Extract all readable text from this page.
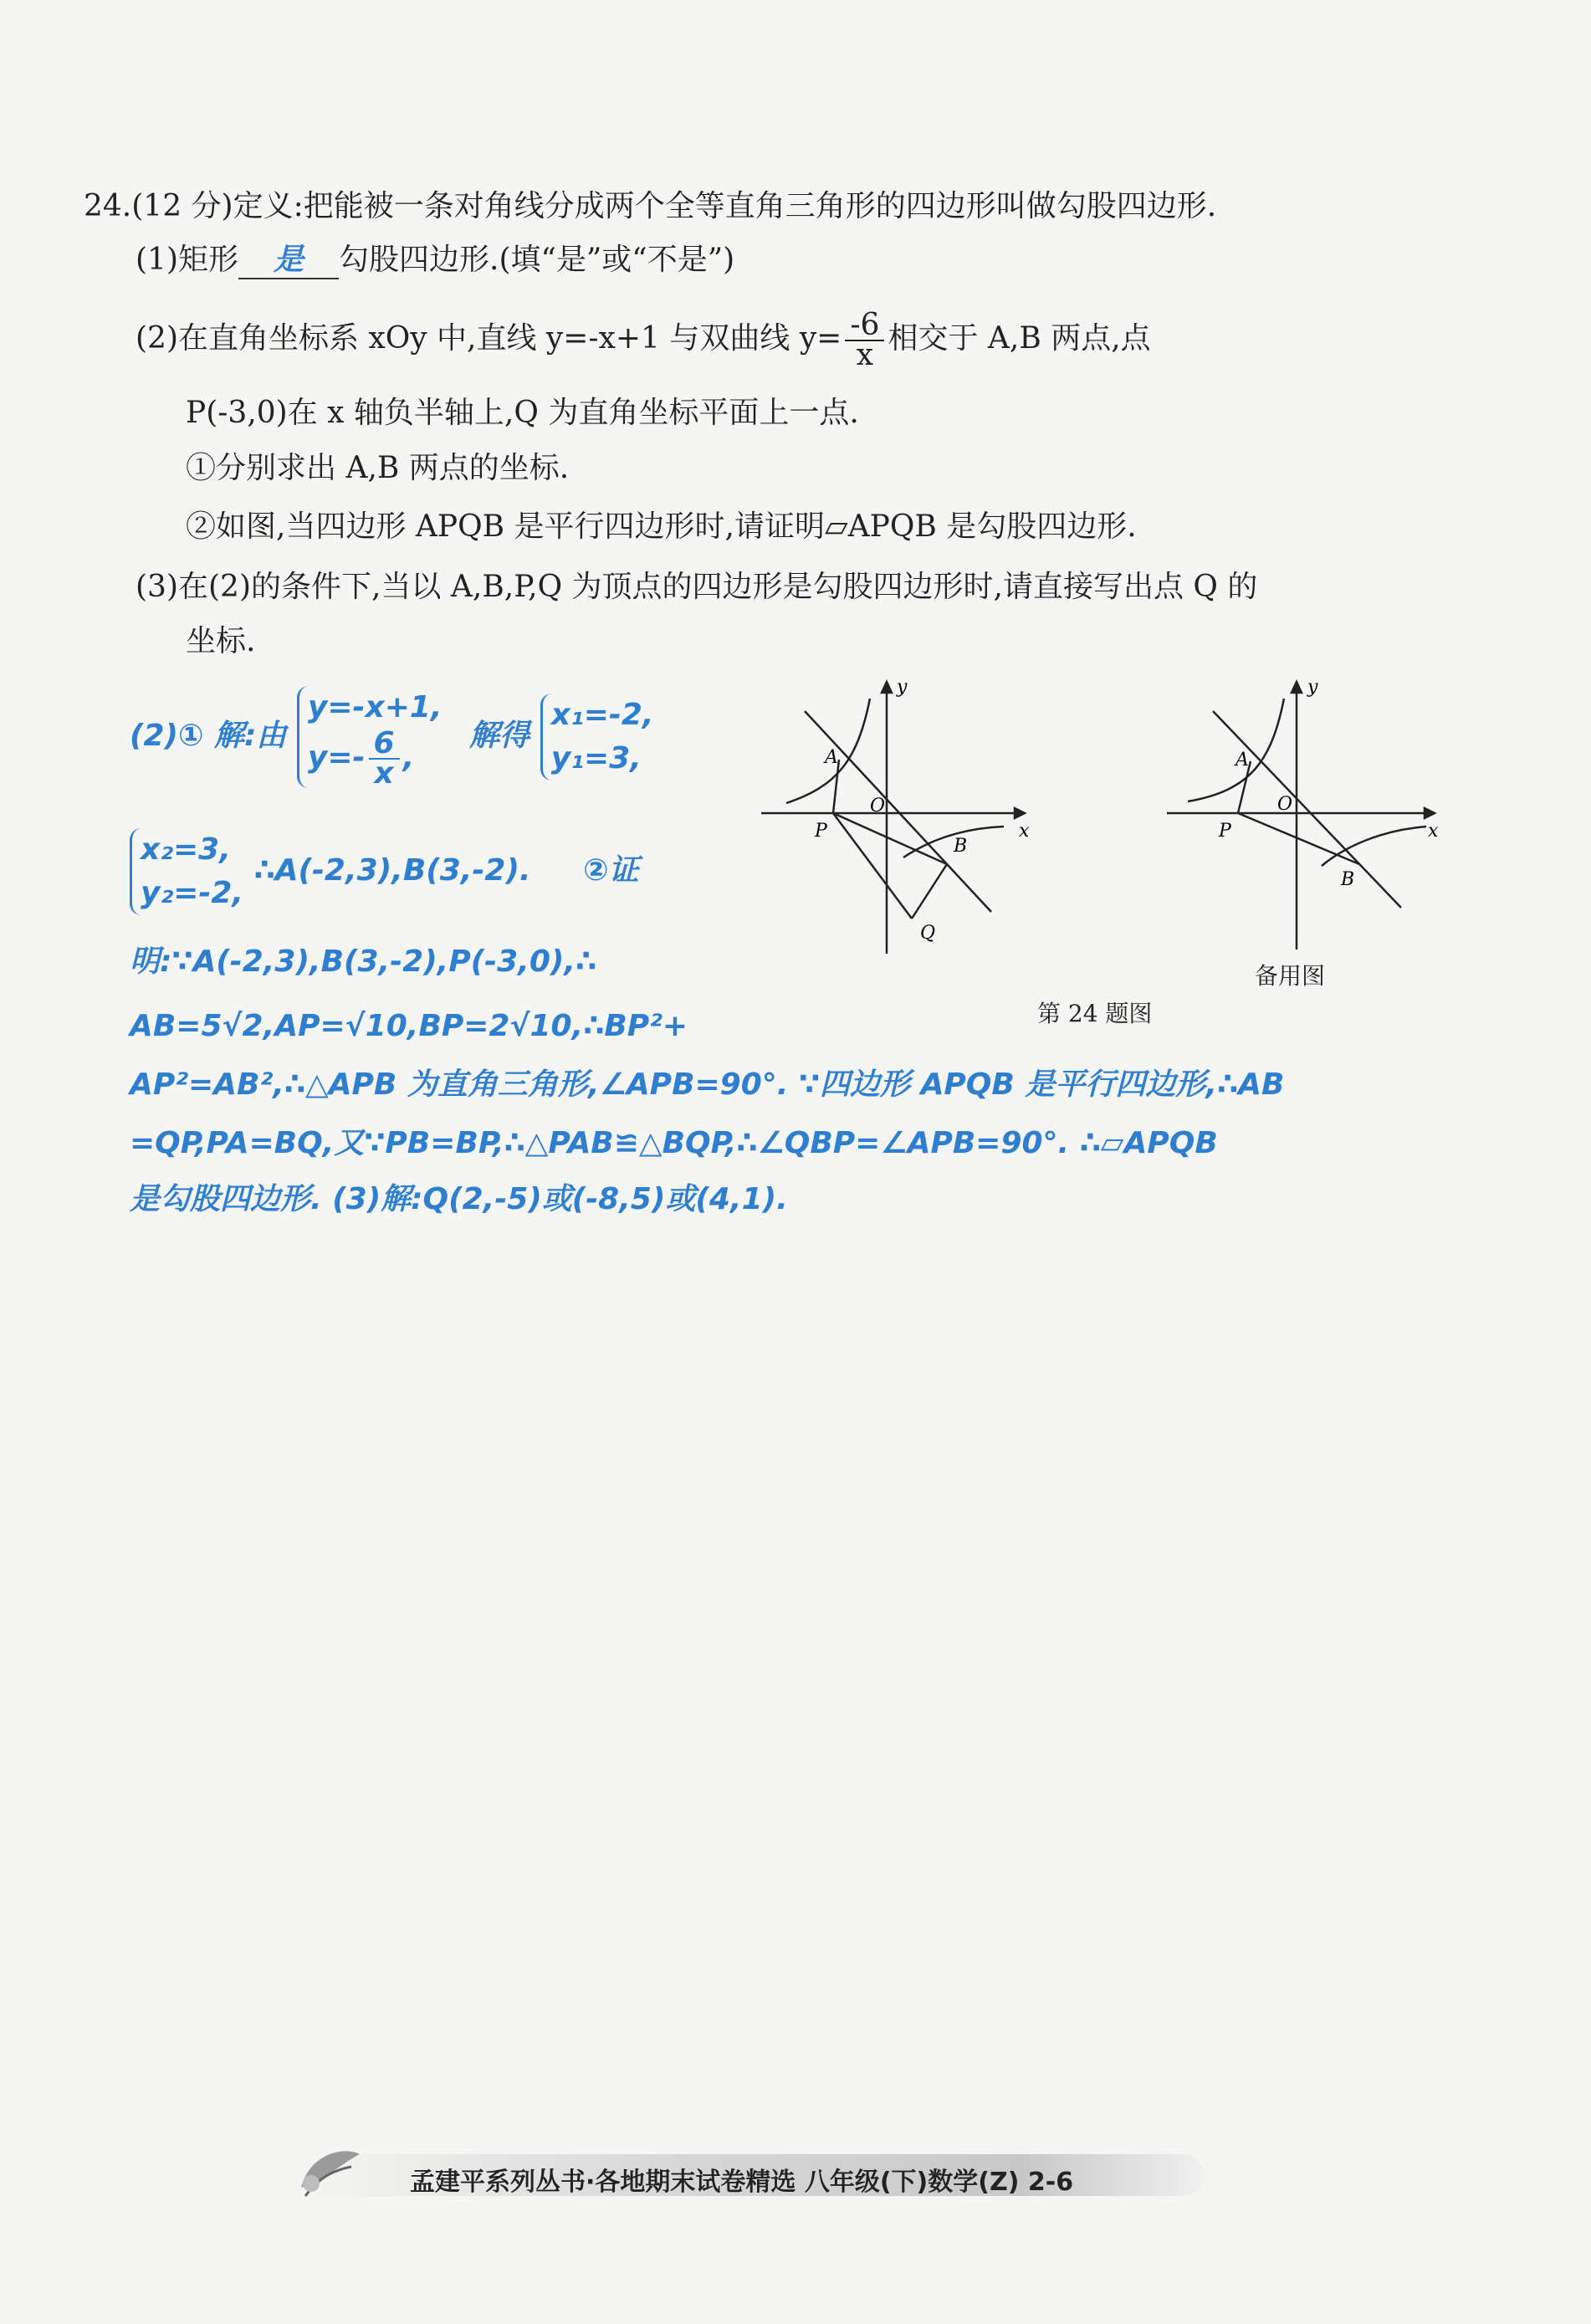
24.(12 分)定义:把能被一条对角线分成两个全等直角三角形的四边形叫做勾股四边形.
(1)矩形 是 勾股四边形.(填“是”或“不是”)
(2)在直角坐标系 xOy 中,直线 y=-x+1 与双曲线 $y= \frac{-6}{x}$ 相交于 A,B 两点,点
P(-3,0)在 x 轴负半轴上,Q 为直角坐标平面上一点.
①分别求出 A,B 两点的坐标.
②如图,当四边形 APQB 是平行四边形时,请证明▱APQB 是勾股四边形.
(3)在(2)的条件下,当以 A,B,P,Q 为顶点的四边形是勾股四边形时,请直接写出点 Q 的
坐标.
(2)① 解:由
y=-x+1,
$y=- \frac{6}{x}$ ,
解得
x₁=-2,
y₁=3,
x₂=3,
y₂=-2,
∴A(-2,3),B(3,-2). ②证
明:∵A(-2,3),B(3,-2),P(-3,0),∴
AB=5√2,AP=√10,BP=2√10,∴BP²+
AP²=AB²,∴△APB 为直角三角形,∠APB=90°. ∵四边形 APQB 是平行四边形,∴AB
=QP,PA=BQ,又∵PB=BP,∴△PAB≌△BQP,∴∠QBP=∠APB=90°. ∴▱APQB
是勾股四边形. (3)解:Q(2,-5)或(-8,5)或(4,1).
y
x
O
A
B
P
Q
第 24 题图
y
x
O
A
B
P
备用图
孟建平系列丛书·各地期末试卷精选 八年级(下)数学(Z) 2-6
